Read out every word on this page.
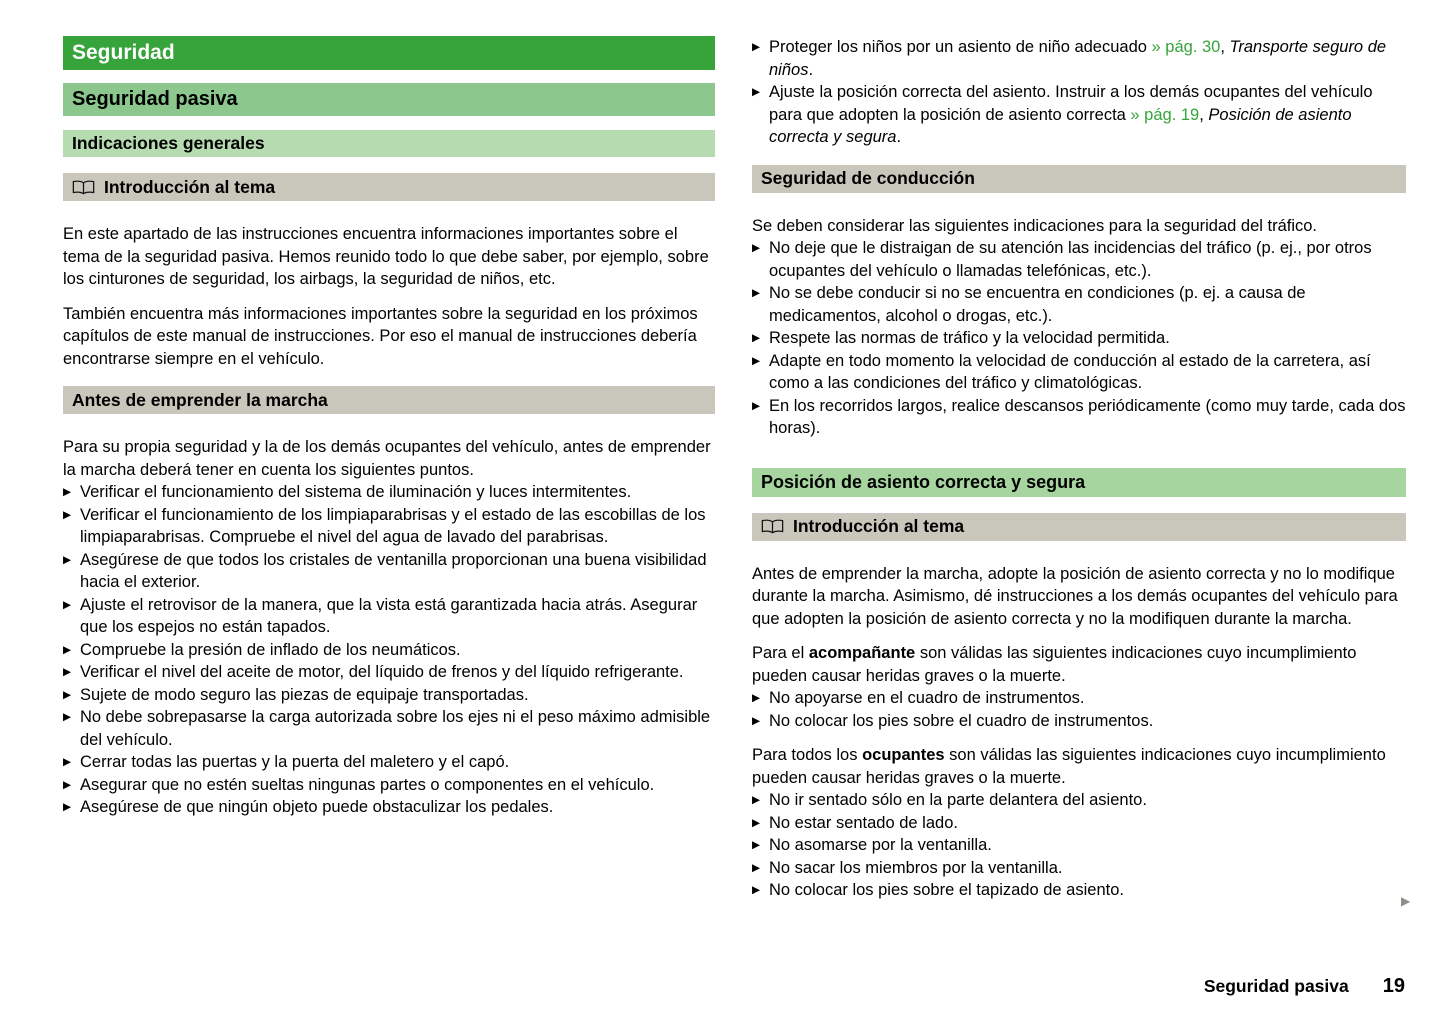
Seguridad
Seguridad pasiva
Indicaciones generales
Introducción al tema

En este apartado de las instrucciones encuentra informaciones importantes sobre el tema de la seguridad pasiva. Hemos reunido todo lo que debe saber, por ejemplo, sobre los cinturones de seguridad, los airbags, la seguridad de niños, etc.

También encuentra más informaciones importantes sobre la seguridad en los próximos capítulos de este manual de instrucciones. Por eso el manual de instrucciones debería encontrarse siempre en el vehículo.

Antes de emprender la marcha

Para su propia seguridad y la de los demás ocupantes del vehículo, antes de emprender la marcha deberá tener en cuenta los siguientes puntos.

▶ Verificar el funcionamiento del sistema de iluminación y luces intermitentes.
▶ Verificar el funcionamiento de los limpiaparabrisas y el estado de las escobillas de los limpiaparabrisas. Compruebe el nivel del agua de lavado del parabrisas.
▶ Asegúrese de que todos los cristales de ventanilla proporcionan una buena visibilidad hacia el exterior.
▶ Ajuste el retrovisor de la manera, que la vista está garantizada hacia atrás. Asegurar que los espejos no están tapados.
▶ Compruebe la presión de inflado de los neumáticos.
▶ Verificar el nivel del aceite de motor, del líquido de frenos y del líquido refrigerante.
▶ Sujete de modo seguro las piezas de equipaje transportadas.
▶ No debe sobrepasarse la carga autorizada sobre los ejes ni el peso máximo admisible del vehículo.
▶ Cerrar todas las puertas y la puerta del maletero y el capó.
▶ Asegurar que no estén sueltas ningunas partes o componentes en el vehículo.
▶ Asegúrese de que ningún objeto puede obstaculizar los pedales.
▶ Proteger los niños por un asiento de niño adecuado » pág. 30, Transporte seguro de niños.
▶ Ajuste la posición correcta del asiento. Instruir a los demás ocupantes del vehículo para que adopten la posición de asiento correcta » pág. 19, Posición de asiento correcta y segura.
Seguridad de conducción

Se deben considerar las siguientes indicaciones para la seguridad del tráfico.

▶ No deje que le distraigan de su atención las incidencias del tráfico (p. ej., por otros ocupantes del vehículo o llamadas telefónicas, etc.).
▶ No se debe conducir si no se encuentra en condiciones (p. ej. a causa de medicamentos, alcohol o drogas, etc.).
▶ Respete las normas de tráfico y la velocidad permitida.
▶ Adapte en todo momento la velocidad de conducción al estado de la carretera, así como a las condiciones del tráfico y climatológicas.
▶ En los recorridos largos, realice descansos periódicamente (como muy tarde, cada dos horas).
Posición de asiento correcta y segura
Introducción al tema

Antes de emprender la marcha, adopte la posición de asiento correcta y no lo modifique durante la marcha. Asimismo, dé instrucciones a los demás ocupantes del vehículo para que adopten la posición de asiento correcta y no la modifiquen durante la marcha.

Para el acompañante son válidas las siguientes indicaciones cuyo incumplimiento pueden causar heridas graves o la muerte.

▶ No apoyarse en el cuadro de instrumentos.
▶ No colocar los pies sobre el cuadro de instrumentos.

Para todos los ocupantes son válidas las siguientes indicaciones cuyo incumplimiento pueden causar heridas graves o la muerte.

▶ No ir sentado sólo en la parte delantera del asiento.
▶ No estar sentado de lado.
▶ No asomarse por la ventanilla.
▶ No sacar los miembros por la ventanilla.
▶ No colocar los pies sobre el tapizado de asiento.
▶
Seguridad pasiva 19
